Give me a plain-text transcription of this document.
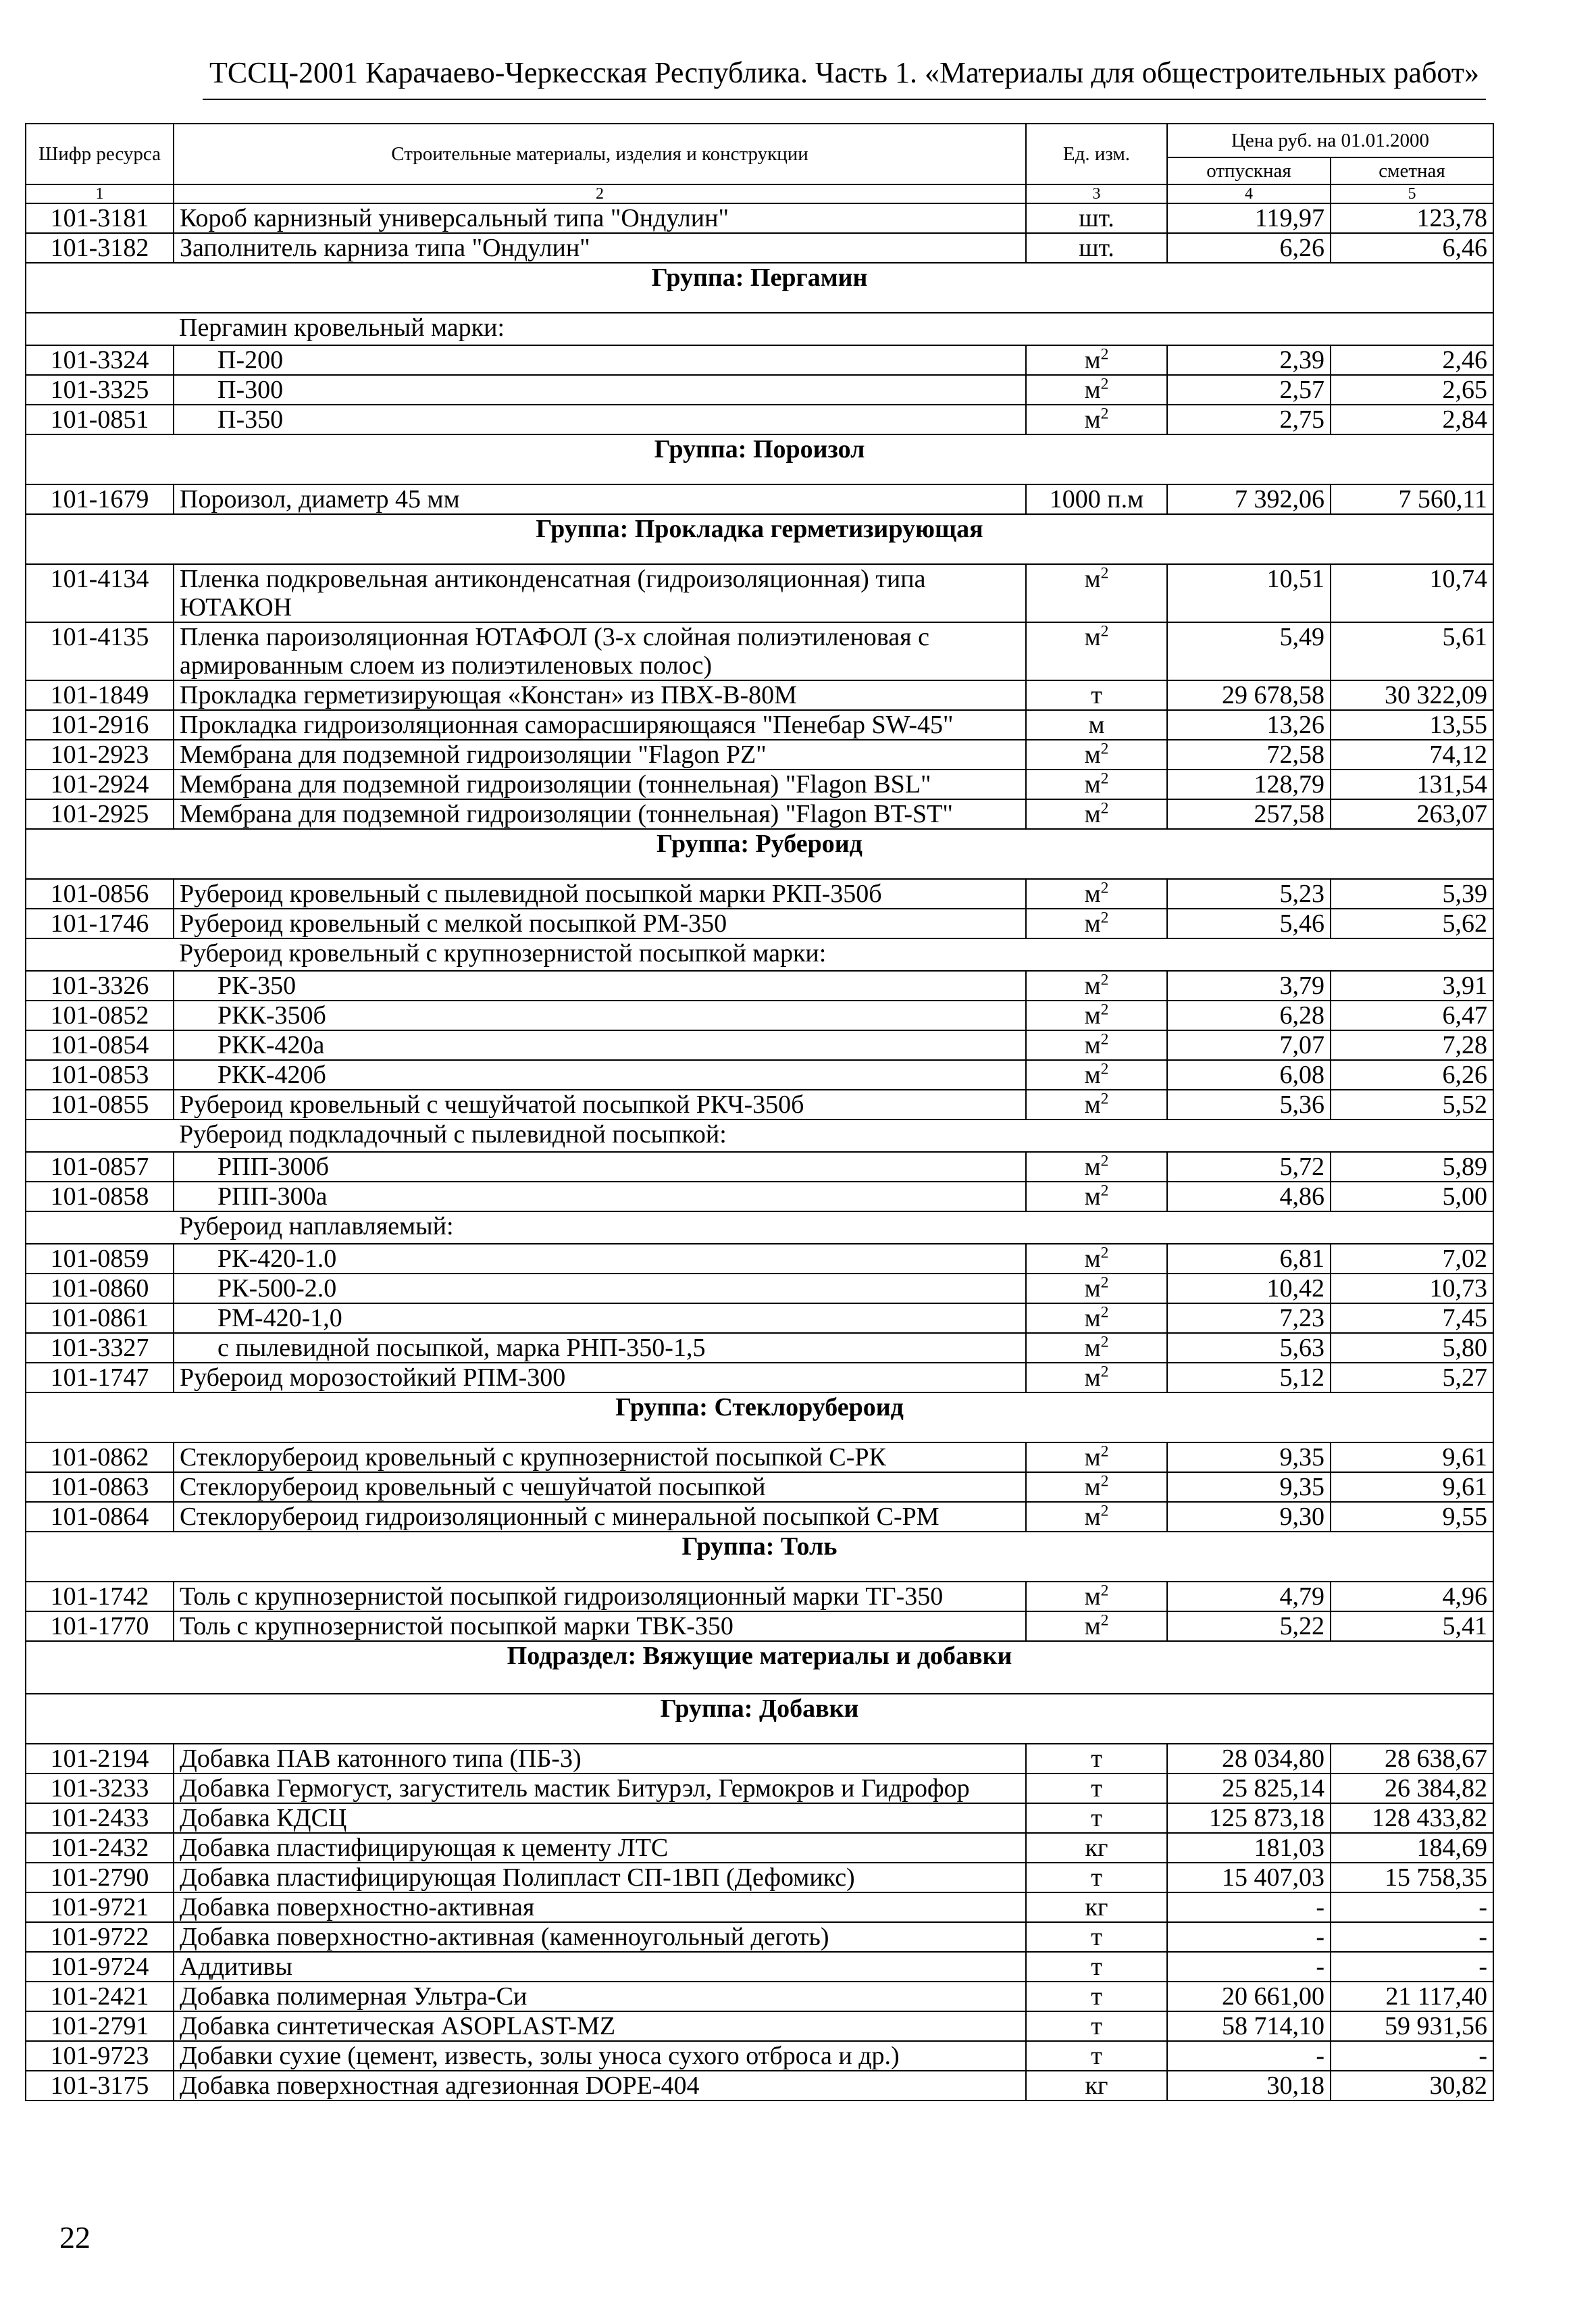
ТССЦ-2001 Карачаево-Черкесская Республика. Часть 1. «Материалы для общестроительных работ»
Шифр ресурса	Строительные материалы, изделия и конструкции	Ед. изм.	Цена руб. на 01.01.2000	
			отпускная	сметная
1	2	3	4	5
101-3181	Короб карнизный универсальный типа "Ондулин"	шт.	119,97	123,78
101-3182	Заполнитель карниза типа "Ондулин"	шт.	6,26	6,46
Группа: Пергамин				
	Пергамин кровельный марки:			
101-3324	П-200	$м^2$	2,39	2,46
101-3325	П-300	$м^2$	2,57	2,65
101-0851	П-350	$м^2$	2,75	2,84
Группа: Пороизол				
101-1679	Пороизол, диаметр 45 мм	1000 п.м	7 392,06	7 560,11
Группа: Прокладка герметизирующая				
101-4134	Пленка подкровельная антиконденсатная (гидроизоляционная) типа ЮТАКОН	$м^2$	10,51	10,74
101-4135	Пленка пароизоляционная ЮТАФОЛ (3-х слойная полиэтиленовая с армированным слоем из полиэтиленовых полос)	$м^2$	5,49	5,61
101-1849	Прокладка герметизирующая «Констан» из ПВХ-В-80М	т	29 678,58	30 322,09
101-2916	Прокладка гидроизоляционная саморасширяющаяся "Пенебар SW-45"	м	13,26	13,55
101-2923	Мембрана для подземной гидроизоляции "Flagon PZ"	$м^2$	72,58	74,12
101-2924	Мембрана для подземной гидроизоляции (тоннельная) "Flagon BSL"	$м^2$	128,79	131,54
101-2925	Мембрана для подземной гидроизоляции (тоннельная) "Flagon BT-ST"	$м^2$	257,58	263,07
Группа: Рубероид				
101-0856	Рубероид кровельный с пылевидной посыпкой марки РКП-350б	$м^2$	5,23	5,39
101-1746	Рубероид кровельный с мелкой посыпкой РМ-350	$м^2$	5,46	5,62
	Рубероид кровельный с крупнозернистой посыпкой марки:			
101-3326	РК-350	$м^2$	3,79	3,91
101-0852	РКК-350б	$м^2$	6,28	6,47
101-0854	РКК-420а	$м^2$	7,07	7,28
101-0853	РКК-420б	$м^2$	6,08	6,26
101-0855	Рубероид кровельный с чешуйчатой посыпкой РКЧ-350б	$м^2$	5,36	5,52
	Рубероид подкладочный с пылевидной посыпкой:			
101-0857	РПП-300б	$м^2$	5,72	5,89
101-0858	РПП-300а	$м^2$	4,86	5,00
	Рубероид наплавляемый:			
101-0859	РК-420-1.0	$м^2$	6,81	7,02
101-0860	РК-500-2.0	$м^2$	10,42	10,73
101-0861	РМ-420-1,0	$м^2$	7,23	7,45
101-3327	с пылевидной посыпкой, марка РНП-350-1,5	$м^2$	5,63	5,80
101-1747	Рубероид морозостойкий РПМ-300	$м^2$	5,12	5,27
Группа: Стеклорубероид				
101-0862	Стеклорубероид кровельный с крупнозернистой посыпкой С-РК	$м^2$	9,35	9,61
101-0863	Стеклорубероид кровельный с чешуйчатой посыпкой	$м^2$	9,35	9,61
101-0864	Стеклорубероид гидроизоляционный с минеральной посыпкой С-РМ	$м^2$	9,30	9,55
Группа: Толь				
101-1742	Толь с крупнозернистой посыпкой гидроизоляционный марки ТГ-350	$м^2$	4,79	4,96
101-1770	Толь с крупнозернистой посыпкой марки ТВК-350	$м^2$	5,22	5,41
Подраздел: Вяжущие материалы и добавки				
Группа: Добавки				
101-2194	Добавка ПАВ катонного типа (ПБ-3)	т	28 034,80	28 638,67
101-3233	Добавка Гермогуст, загуститель мастик Битурэл, Гермокров и Гидрофор	т	25 825,14	26 384,82
101-2433	Добавка КДСЦ	т	125 873,18	128 433,82
101-2432	Добавка пластифицирующая к цементу ЛТС	кг	181,03	184,69
101-2790	Добавка пластифицирующая Полипласт СП-1ВП (Дефомикс)	т	15 407,03	15 758,35
101-9721	Добавка поверхностно-активная	кг	-	-
101-9722	Добавка поверхностно-активная (каменноугольный деготь)	т	-	-
101-9724	Аддитивы	т	-	-
101-2421	Добавка полимерная Ультра-Си	т	20 661,00	21 117,40
101-2791	Добавка синтетическая ASOPLAST-MZ	т	58 714,10	59 931,56
101-9723	Добавки сухие (цемент, известь, золы уноса сухого отброса и др.)	т	-	-
101-3175	Добавка поверхностная адгезионная DOPE-404	кг	30,18	30,82
22
